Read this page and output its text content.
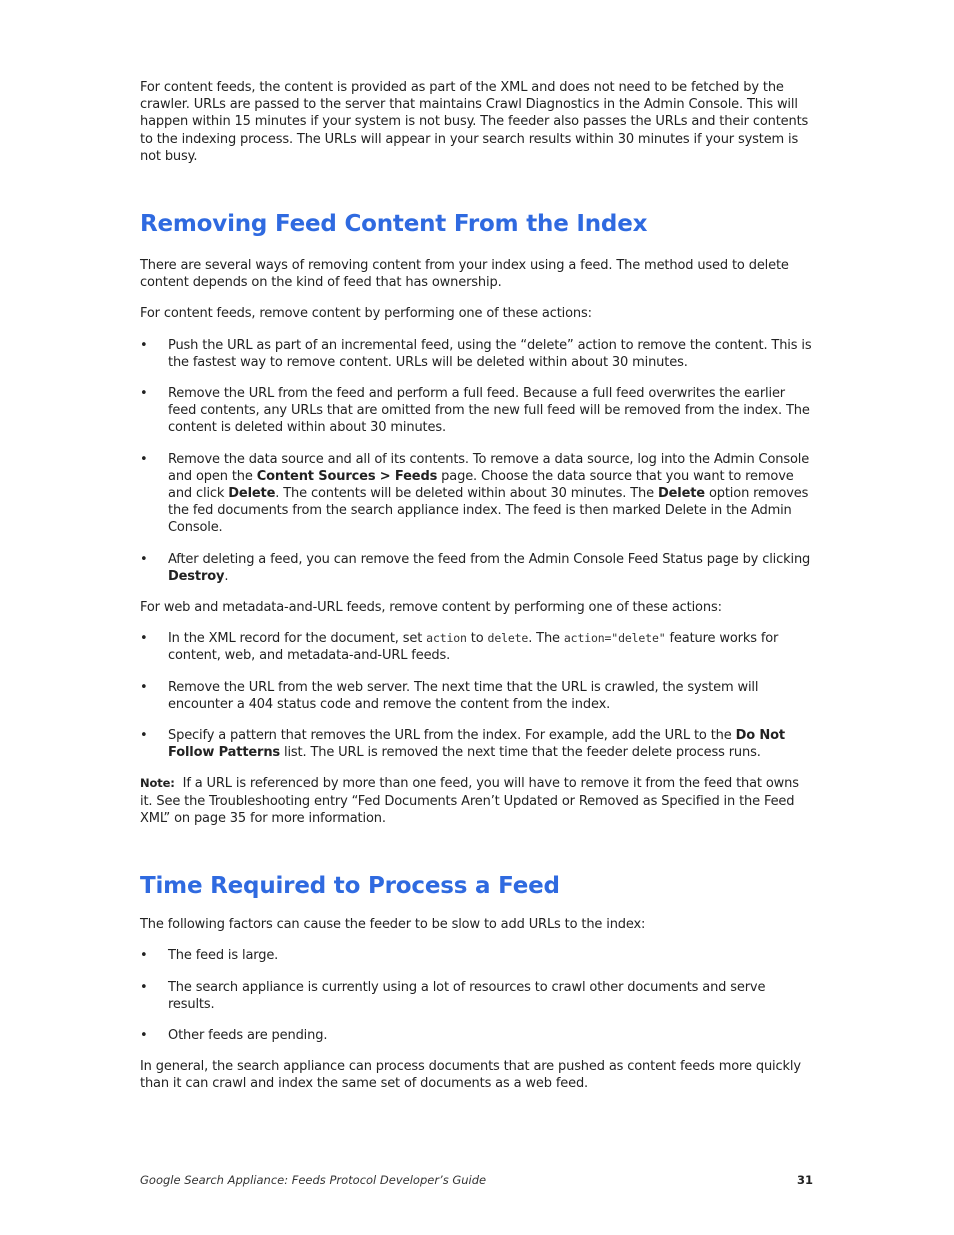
For content feeds, the content is provided as part of the XML and does not need to be fetched by the crawler. URLs are passed to the server that maintains Crawl Diagnostics in the Admin Console. This will happen within 15 minutes if your system is not busy. The feeder also passes the URLs and their contents to the indexing process. The URLs will appear in your search results within 30 minutes if your system is not busy.

Removing Feed Content From the Index

There are several ways of removing content from your index using a feed. The method used to delete content depends on the kind of feed that has ownership.

For content feeds, remove content by performing one of these actions:

• Push the URL as part of an incremental feed, using the “delete” action to remove the content. This is the fastest way to remove content. URLs will be deleted within about 30 minutes.
• Remove the URL from the feed and perform a full feed. Because a full feed overwrites the earlier feed contents, any URLs that are omitted from the new full feed will be removed from the index. The content is deleted within about 30 minutes.
• Remove the data source and all of its contents. To remove a data source, log into the Admin Console and open the Content Sources > Feeds page. Choose the data source that you want to remove and click Delete. The contents will be deleted within about 30 minutes. The Delete option removes the fed documents from the search appliance index. The feed is then marked Delete in the Admin Console.
• After deleting a feed, you can remove the feed from the Admin Console Feed Status page by clicking Destroy.

For web and metadata-and-URL feeds, remove content by performing one of these actions:

• In the XML record for the document, set action to delete. The action="delete" feature works for content, web, and metadata-and-URL feeds.
• Remove the URL from the web server. The next time that the URL is crawled, the system will encounter a 404 status code and remove the content from the index.
• Specify a pattern that removes the URL from the index. For example, add the URL to the Do Not Follow Patterns list. The URL is removed the next time that the feeder delete process runs.

Note: If a URL is referenced by more than one feed, you will have to remove it from the feed that owns it. See the Troubleshooting entry “Fed Documents Aren’t Updated or Removed as Specified in the Feed XML” on page 35 for more information.

Time Required to Process a Feed

The following factors can cause the feeder to be slow to add URLs to the index:

• The feed is large.
• The search appliance is currently using a lot of resources to crawl other documents and serve results.
• Other feeds are pending.

In general, the search appliance can process documents that are pushed as content feeds more quickly than it can crawl and index the same set of documents as a web feed.

Google Search Appliance: Feeds Protocol Developer’s Guide	31
